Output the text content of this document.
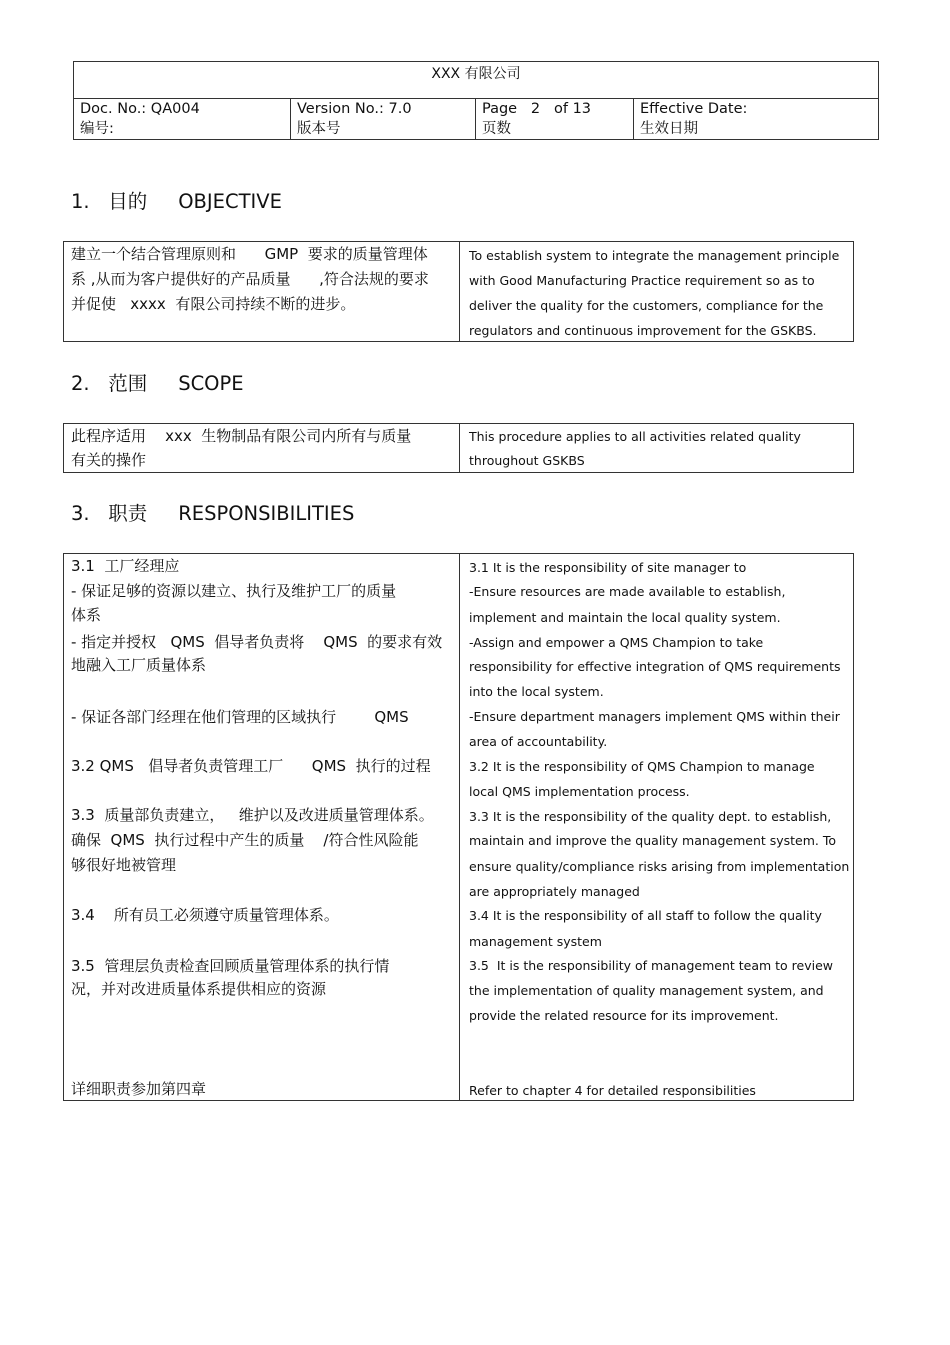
XXX 有限公司
Doc. No.: QA004
编号:
Version No.: 7.0
版本号
Page   2   of 13
页数
Effective Date:
生效日期
1.   目的     OBJECTIVE
建立一个结合管理原则和      GMP  要求的质量管理体
系 ,从而为客户提供好的产品质量      ,符合法规的要求
并促使   xxxx  有限公司持续不断的进步。
To establish system to integrate the management principle
with Good Manufacturing Practice requirement so as to
deliver the quality for the customers, compliance for the
regulators and continuous improvement for the GSKBS.
2.   范围     SCOPE
此程序适用    xxx  生物制品有限公司内所有与质量
有关的操作
This procedure applies to all activities related quality
throughout GSKBS
3.   职责     RESPONSIBILITIES
3.1  工厂经理应
- 保证足够的资源以建立、执行及维护工厂的质量
体系
- 指定并授权   QMS  倡导者负责将    QMS  的要求有效
地融入工厂质量体系
- 保证各部门经理在他们管理的区域执行        QMS
3.2 QMS   倡导者负责管理工厂      QMS  执行的过程
3.3  质量部负责建立，   维护以及改进质量管理体系。
确保  QMS  执行过程中产生的质量    /符合性风险能
够很好地被管理
3.4    所有员工必须遵守质量管理体系。
3.5  管理层负责检查回顾质量管理体系的执行情
况，并对改进质量体系提供相应的资源
详细职责参加第四章
3.1 It is the responsibility of site manager to
-Ensure resources are made available to establish,
implement and maintain the local quality system.
-Assign and empower a QMS Champion to take
responsibility for effective integration of QMS requirements
into the local system.
-Ensure department managers implement QMS within their
area of accountability.
3.2 It is the responsibility of QMS Champion to manage
local QMS implementation process.
3.3 It is the responsibility of the quality dept. to establish,
maintain and improve the quality management system. To
ensure quality/compliance risks arising from implementation
are appropriately managed
3.4 It is the responsibility of all staff to follow the quality
management system
3.5  It is the responsibility of management team to review
the implementation of quality management system, and
provide the related resource for its improvement.
Refer to chapter 4 for detailed responsibilities
